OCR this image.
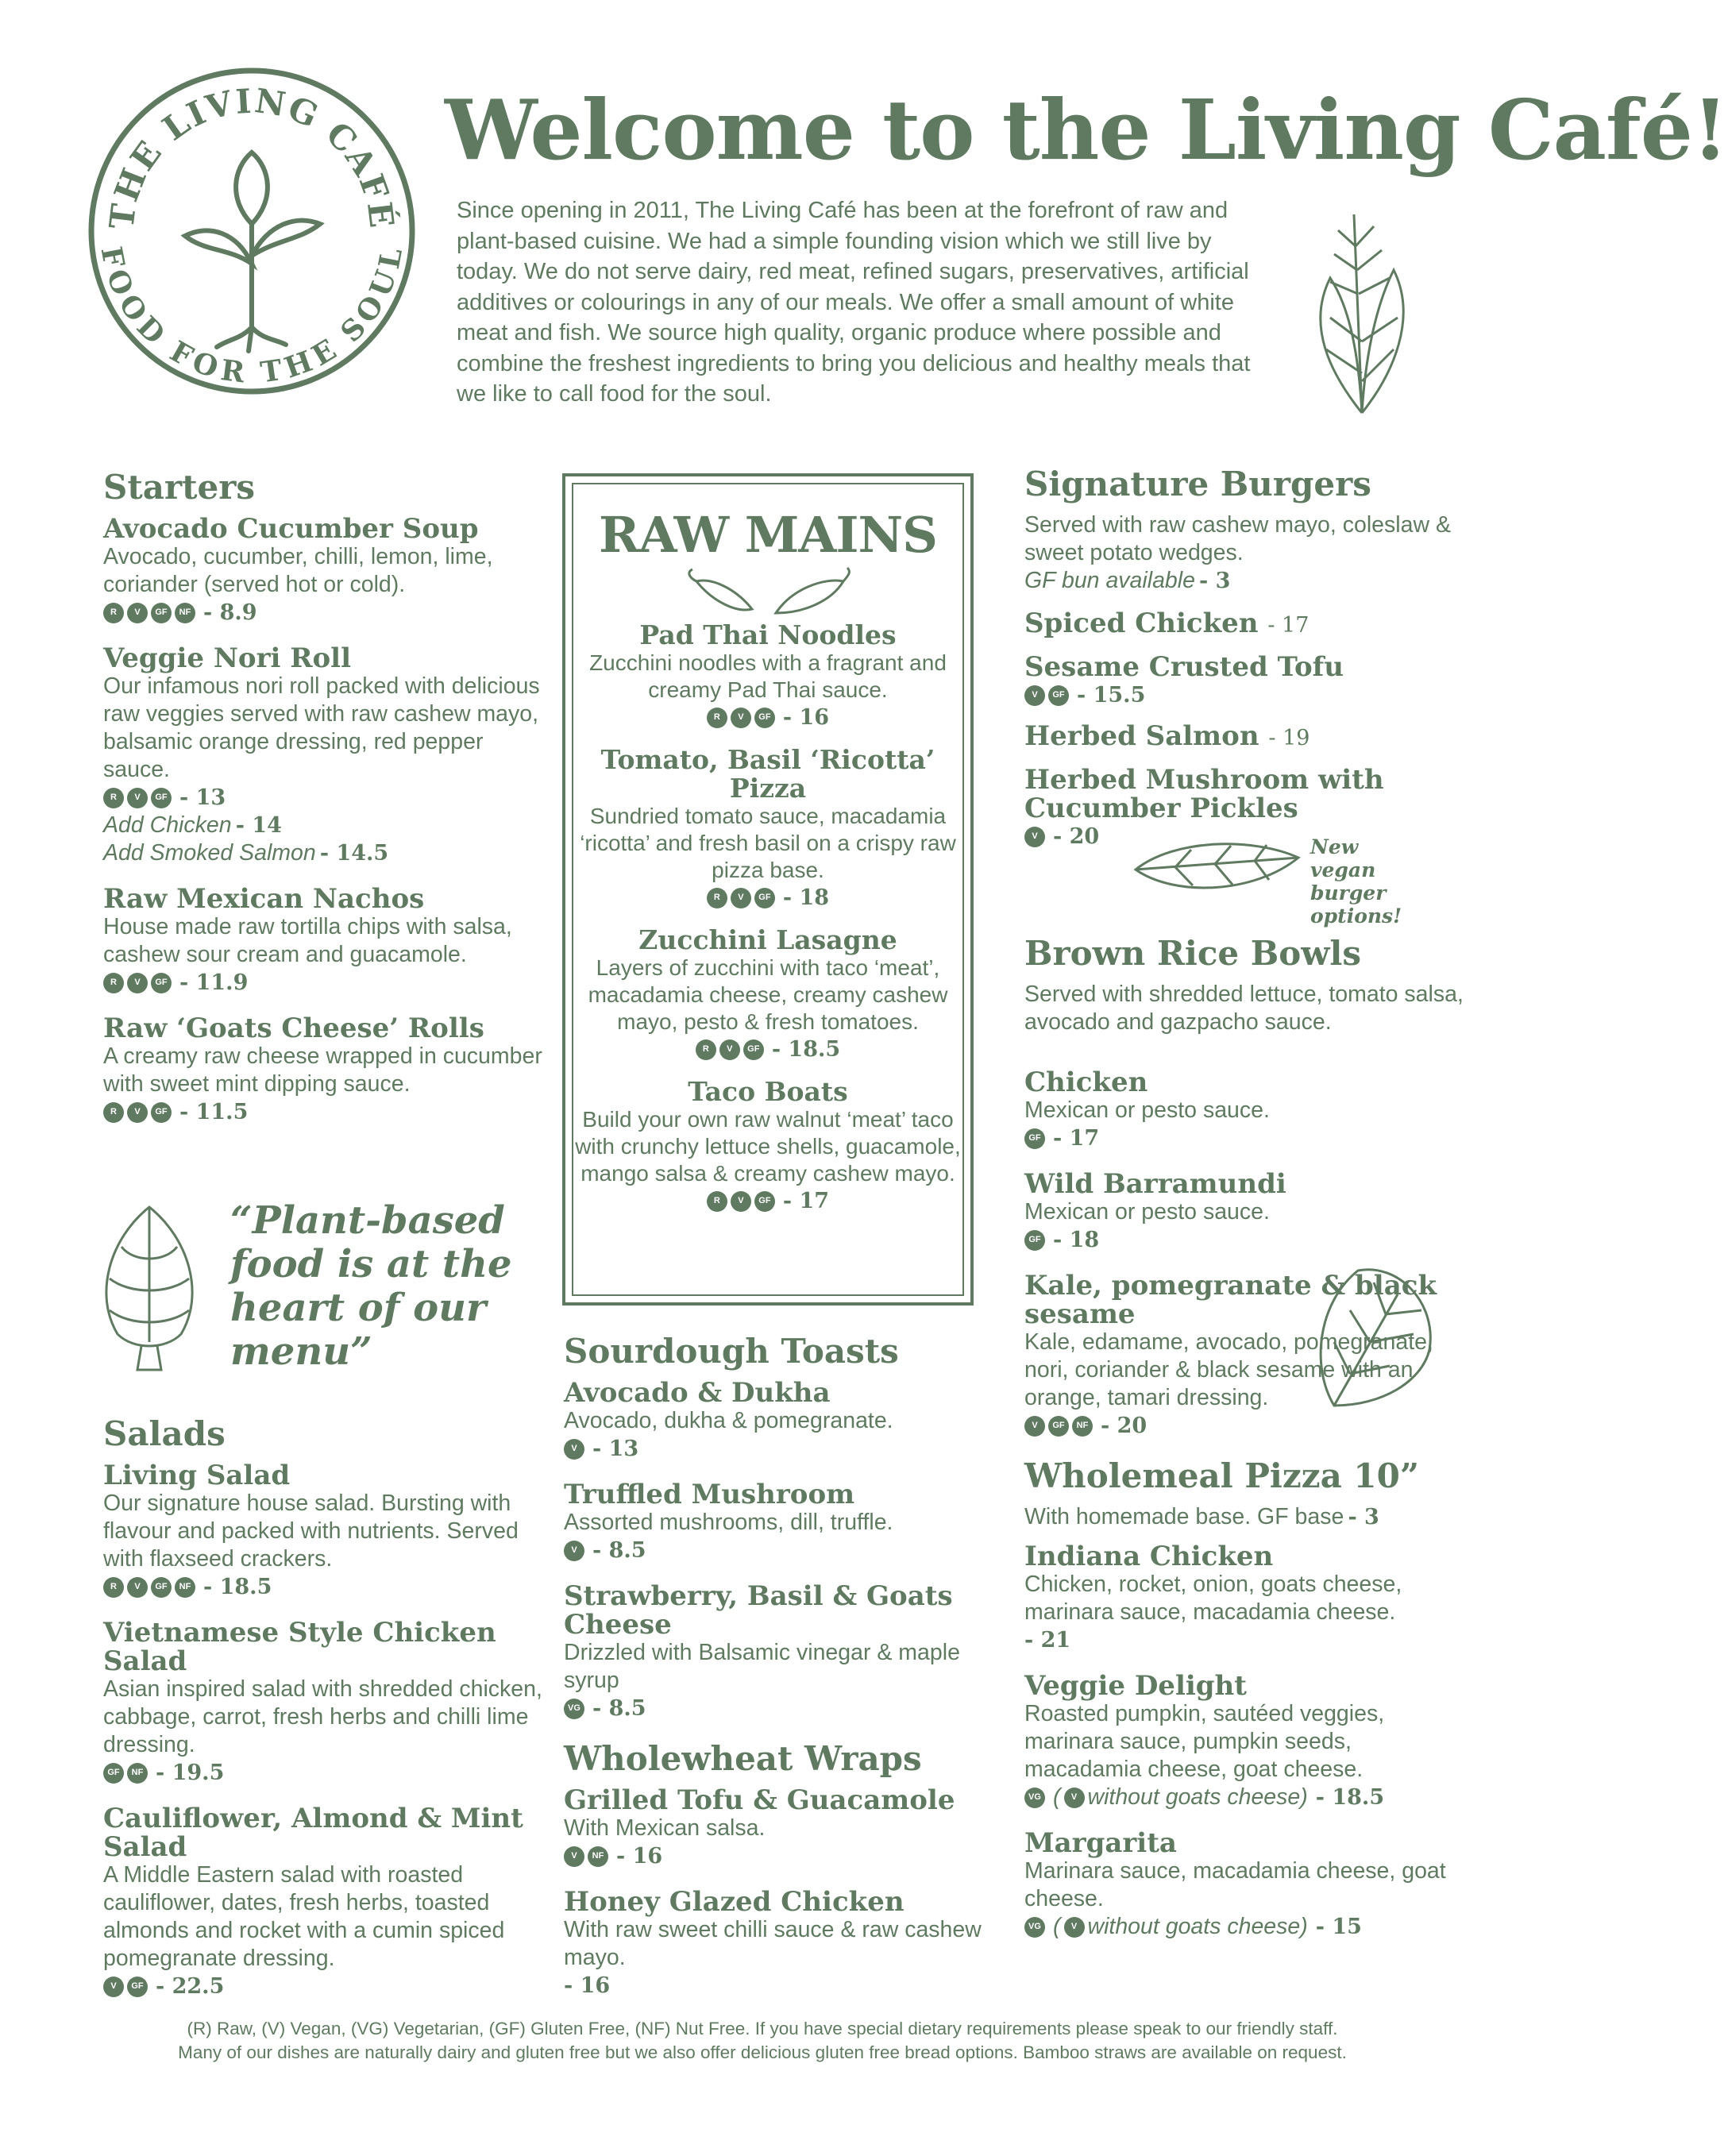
THE LIVING CAFÉ
FOOD FOR THE SOUL
Welcome to the Living Café!
Since opening in 2011, The Living Café has been at the forefront of raw and plant-based cuisine. We had a simple founding vision which we still live by today. We do not serve dairy, red meat, refined sugars, preservatives, artificial additives or colourings in any of our meals. We offer a small amount of white meat and fish. We source high quality, organic produce where possible and combine the freshest ingredients to bring you delicious and healthy meals that we like to call food for the soul.
Starters
Avocado Cucumber Soup
Avocado, cucumber, chilli, lemon, lime, coriander (served hot or cold).
R	V	GF	NF - 8.9
Veggie Nori Roll
Our infamous nori roll packed with delicious raw veggies served with raw cashew mayo, balsamic orange dressing, red pepper sauce.
R	V	GF - 13
Add Chicken - 14
Add Smoked Salmon - 14.5
Raw Mexican Nachos
House made raw tortilla chips with salsa, cashew sour cream and guacamole.
R	V	GF - 11.9
Raw ‘Goats Cheese’ Rolls
A creamy raw cheese wrapped in cucumber with sweet mint dipping sauce.
R	V	GF - 11.5
“Plant-based food is at the heart of our menu”
Salads
Living Salad
Our signature house salad. Bursting with flavour and packed with nutrients. Served with flaxseed crackers.
R	V	GF	NF - 18.5
Vietnamese Style Chicken Salad
Asian inspired salad with shredded chicken, cabbage, carrot, fresh herbs and chilli lime dressing.
GF	NF - 19.5
Cauliflower, Almond & Mint Salad
A Middle Eastern salad with roasted cauliflower, dates, fresh herbs, toasted almonds and rocket with a cumin spiced pomegranate dressing.
V	GF - 22.5
RAW MAINS
Pad Thai Noodles
Zucchini noodles with a fragrant and creamy Pad Thai sauce.
R	V	GF - 16
Tomato, Basil ‘Ricotta’ Pizza
Sundried tomato sauce, macadamia ‘ricotta’ and fresh basil on a crispy raw pizza base.
R	V	GF - 18
Zucchini Lasagne
Layers of zucchini with taco ‘meat’, macadamia cheese, creamy cashew mayo, pesto & fresh tomatoes.
R	V	GF - 18.5
Taco Boats
Build your own raw walnut ‘meat’ taco with crunchy lettuce shells, guacamole, mango salsa & creamy cashew mayo.
R	V	GF - 17
Sourdough Toasts
Avocado & Dukha
Avocado, dukha & pomegranate.
V - 13
Truffled Mushroom
Assorted mushrooms, dill, truffle.
V - 8.5
Strawberry, Basil & Goats Cheese
Drizzled with Balsamic vinegar & maple syrup
VG - 8.5
Wholewheat Wraps
Grilled Tofu & Guacamole
With Mexican salsa.
V	NF - 16
Honey Glazed Chicken
With raw sweet chilli sauce & raw cashew mayo.
- 16
Signature Burgers
Served with raw cashew mayo, coleslaw & sweet potato wedges.
GF bun available - 3
Spiced Chicken - 17
Sesame Crusted Tofu
V	GF - 15.5
Herbed Salmon - 19
Herbed Mushroom with Cucumber Pickles
V - 20
Brown Rice Bowls
Served with shredded lettuce, tomato salsa, avocado and gazpacho sauce.
Chicken
Mexican or pesto sauce.
GF - 17
Wild Barramundi
Mexican or pesto sauce.
GF - 18
Kale, pomegranate & black sesame
Kale, edamame, avocado, pomegranate, nori, coriander & black sesame with an orange, tamari dressing.
V	GF	NF - 20
Wholemeal Pizza 10”
With homemade base. GF base - 3
Indiana Chicken
Chicken, rocket, onion, goats cheese, marinara sauce, macadamia cheese.
- 21
Veggie Delight
Roasted pumpkin, sautéed veggies, marinara sauce, pumpkin seeds, macadamia cheese, goat cheese.
VG (	V without goats cheese) - 18.5
Margarita
Marinara sauce, macadamia cheese, goat cheese.
VG (	V without goats cheese) - 15
New vegan burger options!
(R) Raw, (V) Vegan, (VG) Vegetarian, (GF) Gluten Free, (NF) Nut Free. If you have special dietary requirements please speak to our friendly staff.
Many of our dishes are naturally dairy and gluten free but we also offer delicious gluten free bread options. Bamboo straws are available on request.
